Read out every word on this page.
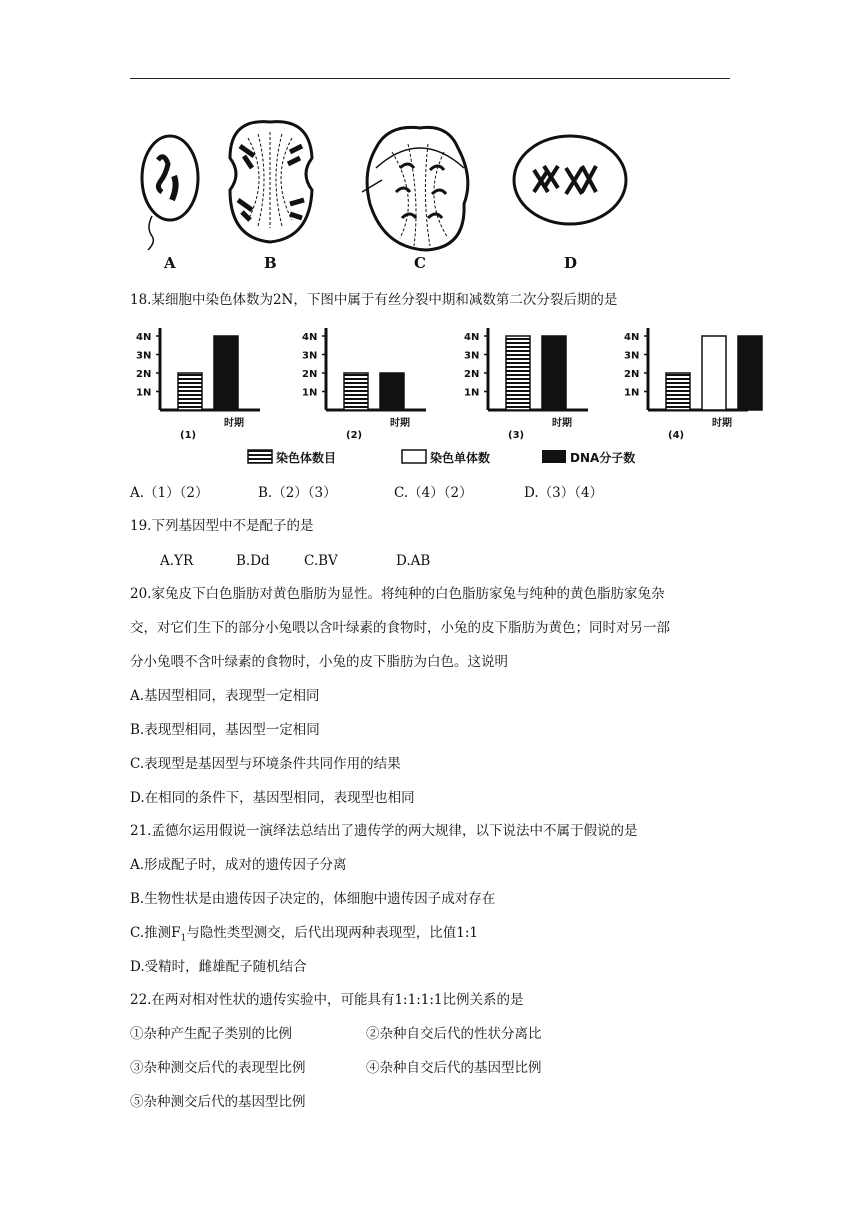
A	B	C	D
18.某细胞中染色体数为2N，下图中属于有丝分裂中期和减数第二次分裂后期的是
4N
3N
2N
1N
时期
(1)
4N
3N
2N
1N
时期
(2)
4N
3N
2N
1N
时期
(3)
4N
3N
2N
1N
时期
(4)
染色体数目	染色单体数	DNA分子数
A.（1）（2）	B.（2）（3）	C.（4）（2）	D.（3）（4）
19.下列基因型中不是配子的是
A.YR	B.Dd	C.BV	D.AB
20.家兔皮下白色脂肪对黄色脂肪为显性。将纯种的白色脂肪家兔与纯种的黄色脂肪家兔杂
交，对它们生下的部分小兔喂以含叶绿素的食物时，小兔的皮下脂肪为黄色；同时对另一部
分小兔喂不含叶绿素的食物时，小兔的皮下脂肪为白色。这说明
A.基因型相同，表现型一定相同
B.表现型相同，基因型一定相同
C.表现型是基因型与环境条件共同作用的结果
D.在相同的条件下，基因型相同，表现型也相同
21.孟德尔运用假说一演绎法总结出了遗传学的两大规律，以下说法中不属于假说的是
A.形成配子时，成对的遗传因子分离
B.生物性状是由遗传因子决定的，体细胞中遗传因子成对存在
C.推测$F_1$与隐性类型测交，后代出现两种表现型，比值1:1
D.受精时，雌雄配子随机结合
22.在两对相对性状的遗传实验中，可能具有1:1:1:1比例关系的是
①杂种产生配子类别的比例	②杂种自交后代的性状分离比
③杂种测交后代的表现型比例	④杂种自交后代的基因型比例
⑤杂种测交后代的基因型比例
